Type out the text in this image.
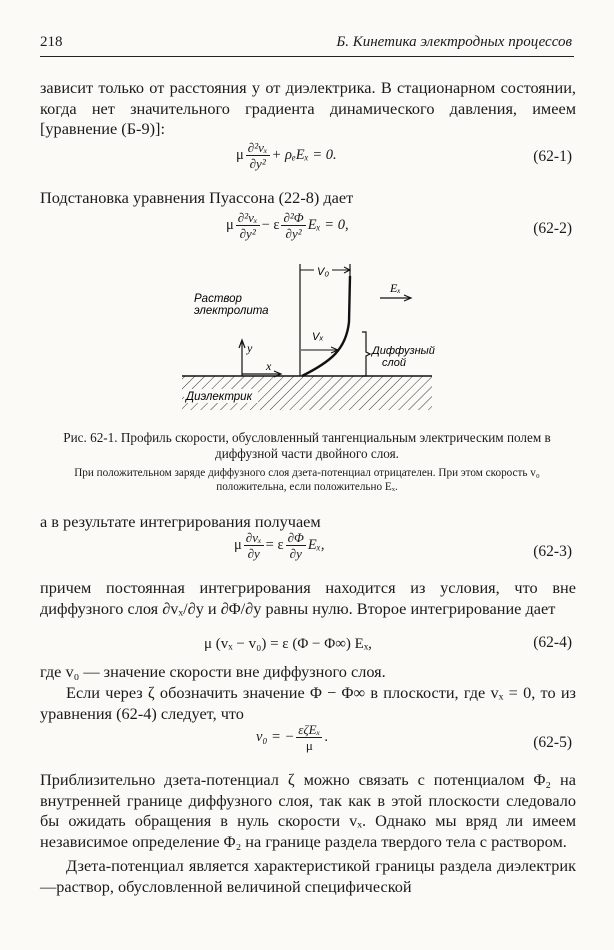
218	Б. Кинетика электродных процессов

зависит только от расстояния y от диэлектрика. В стационарном состоянии, когда нет значительного градиента динамического давления, имеем [уравнение (Б-9)]:

μ $\frac{\text{∂²vₓ}}{\text{∂y²}} + \rho_eE_x = 0$.	(62-1)

Подстановка уравнения Пуассона (22-8) дает

μ $\frac{\text{∂²vₓ}}{\text{∂y²}} - \varepsilon \frac{\text{∂²Φ}}{\text{∂y²}}$ Eₓ = 0,	(62-2)
Диэлектрик
Раствор
электролита
y
x
V₀
Eₓ
Vₓ
Диффузный
слой

Рис. 62-1. Профиль скорости, обусловленный тангенциальным электрическим полем в диффузной части двойного слоя.

При положительном заряде диффузного слоя дзета-потенциал отрицателен. При этом скорость v₀ положительна, если положительно Eₓ.

а в результате интегрирования получаем

μ $\frac{\text{∂vₓ}}{\partial y} = \varepsilon \frac{\partial\Phi}{\partial y} E_x$,	(62-3)

причем постоянная интегрирования находится из условия, что вне диффузного слоя ∂vₓ/∂y и ∂Φ/∂y равны нулю. Второе интегрирование дает

μ (vₓ − v₀) = ε (Φ − Φ∞) Eₓ,	(62-4)

где v₀ — значение скорости вне диффузного слоя.

Если через ζ обозначить значение Φ − Φ∞ в плоскости, где vₓ = 0, то из уравнения (62-4) следует, что

v₀ = − $\frac{\text{εζEₓ}}{\mu}$ .	(62-5)

Приблизительно дзета-потенциал ζ можно связать с потенциалом Φ₂ на внутренней границе диффузного слоя, так как в этой плоскости следовало бы ожидать обращения в нуль скорости vₓ. Однако мы вряд ли имеем независимое определение Φ₂ на границе раздела твердого тела с раствором.

Дзета-потенциал является характеристикой границы раздела диэлектрик—раствор, обусловленной величиной специфической
